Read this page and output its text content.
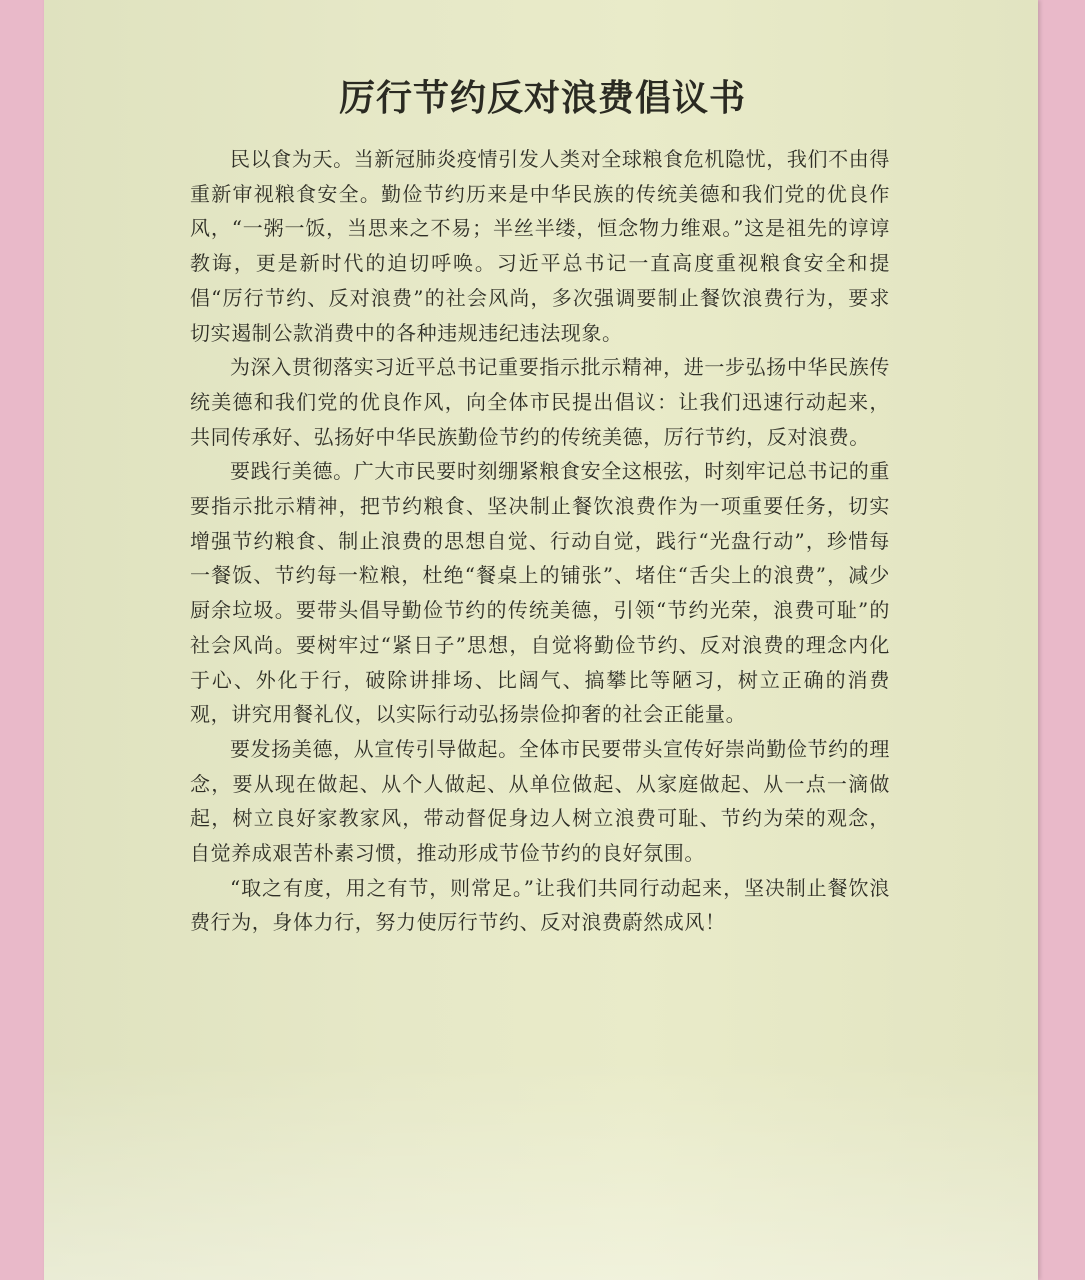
厉行节约反对浪费倡议书

民以食为天。当新冠肺炎疫情引发人类对全球粮食危机隐忧，我们不由得重新审视粮食安全。勤俭节约历来是中华民族的传统美德和我们党的优良作风，“一粥一饭，当思来之不易；半丝半缕，恒念物力维艰。”这是祖先的谆谆教诲，更是新时代的迫切呼唤。习近平总书记一直高度重视粮食安全和提倡“厉行节约、反对浪费”的社会风尚，多次强调要制止餐饮浪费行为，要求切实遏制公款消费中的各种违规违纪违法现象。

为深入贯彻落实习近平总书记重要指示批示精神，进一步弘扬中华民族传统美德和我们党的优良作风，向全体市民提出倡议：让我们迅速行动起来，共同传承好、弘扬好中华民族勤俭节约的传统美德，厉行节约，反对浪费。

要践行美德。广大市民要时刻绷紧粮食安全这根弦，时刻牢记总书记的重要指示批示精神，把节约粮食、坚决制止餐饮浪费作为一项重要任务，切实增强节约粮食、制止浪费的思想自觉、行动自觉，践行“光盘行动”，珍惜每一餐饭、节约每一粒粮，杜绝“餐桌上的铺张”、堵住“舌尖上的浪费”，减少厨余垃圾。要带头倡导勤俭节约的传统美德，引领“节约光荣，浪费可耻”的社会风尚。要树牢过“紧日子”思想，自觉将勤俭节约、反对浪费的理念内化于心、外化于行，破除讲排场、比阔气、搞攀比等陋习，树立正确的消费观，讲究用餐礼仪，以实际行动弘扬崇俭抑奢的社会正能量。

要发扬美德，从宣传引导做起。全体市民要带头宣传好崇尚勤俭节约的理念，要从现在做起、从个人做起、从单位做起、从家庭做起、从一点一滴做起，树立良好家教家风，带动督促身边人树立浪费可耻、节约为荣的观念，自觉养成艰苦朴素习惯，推动形成节俭节约的良好氛围。

“取之有度，用之有节，则常足。”让我们共同行动起来，坚决制止餐饮浪费行为，身体力行，努力使厉行节约、反对浪费蔚然成风！
